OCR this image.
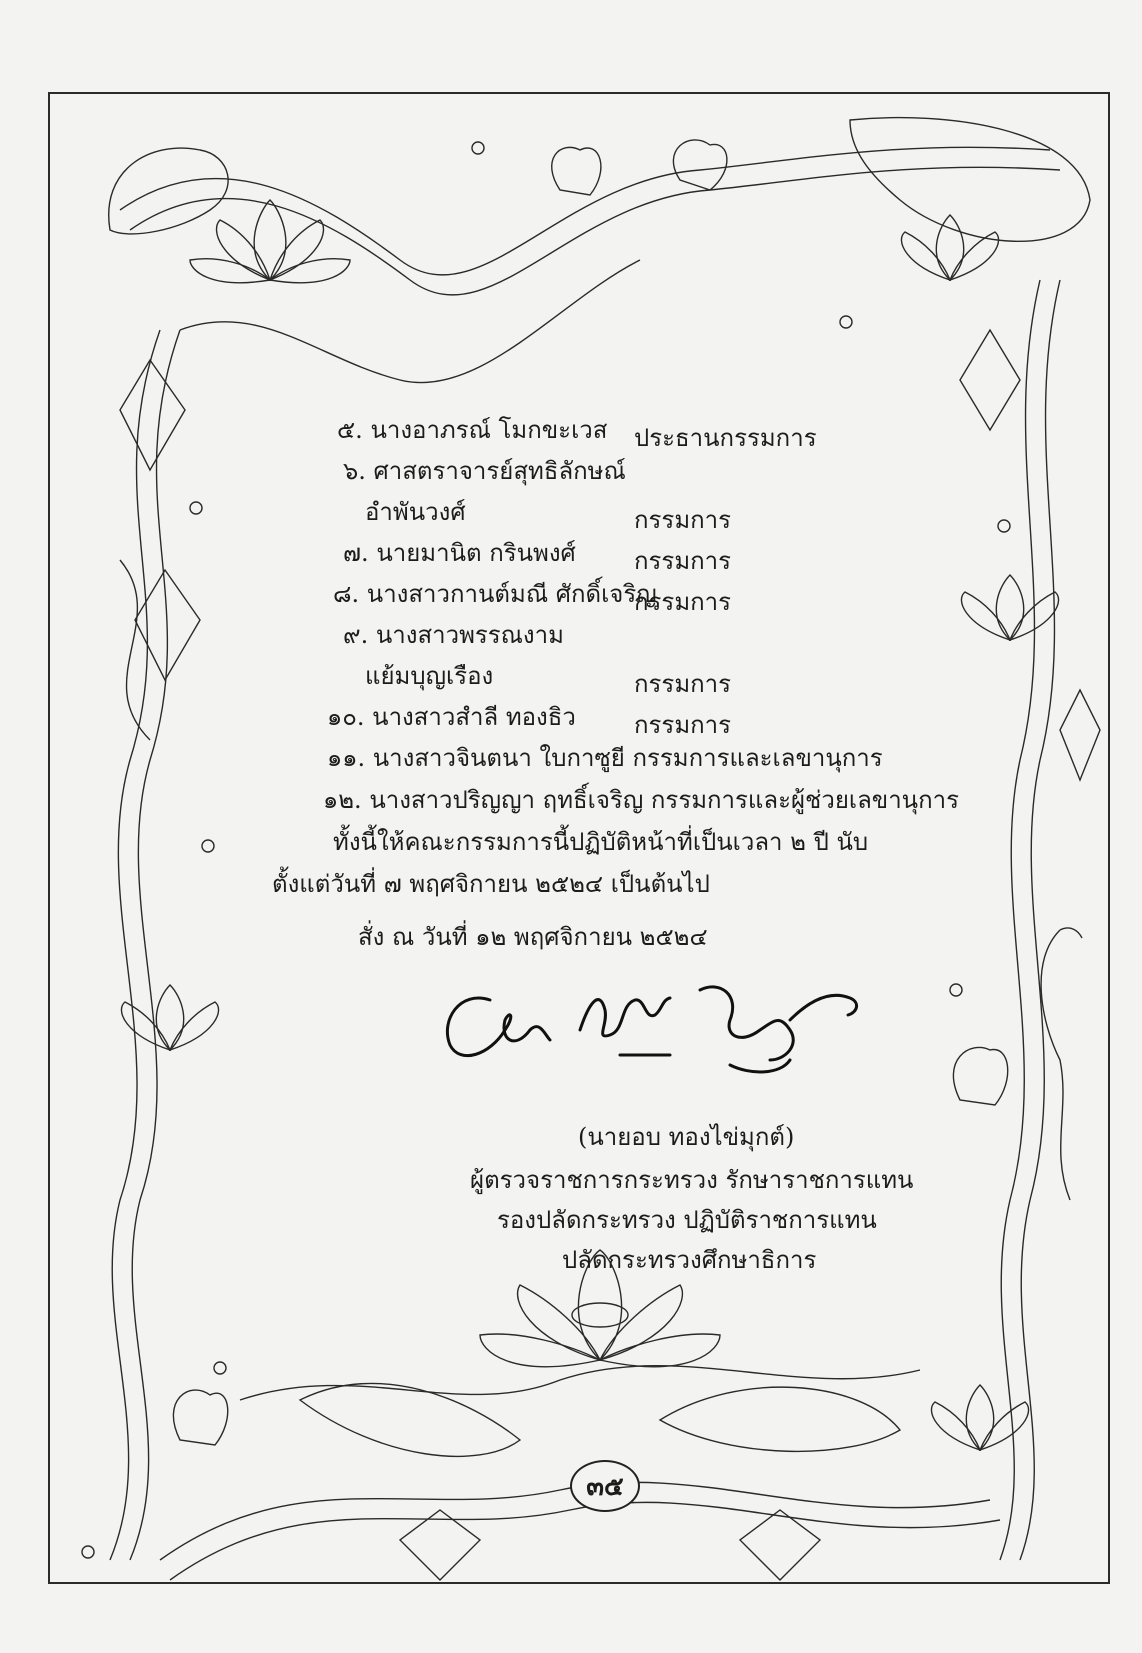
๕. นางอาภรณ์ โมกขะเวส ประธานกรรมการ
๖. ศาสตราจารย์สุทธิลักษณ์
อำพันวงศ์	กรรมการ
๗. นายมานิต กรินพงศ์ กรรมการ
๘. นางสาวกานต์มณี ศักดิ์เจริญ
กรรมการ
๙. นางสาวพรรณงาม
แย้มบุญเรือง	กรรมการ
๑๐. นางสาวสำลี ทองธิว กรรมการ
๑๑. นางสาวจินตนา ใบกาซูยี กรรมการและเลขานุการ
๑๒. นางสาวปริญญา ฤทธิ์เจริญ กรรมการและผู้ช่วยเลขานุการ
ทั้งนี้ให้คณะกรรมการนี้ปฏิบัติหน้าที่เป็นเวลา ๒ ปี นับ
ตั้งแต่วันที่ ๗ พฤศจิกายน ๒๕๒๔ เป็นต้นไป
สั่ง ณ วันที่ ๑๒ พฤศจิกายน ๒๕๒๔
(นายอบ ทองไข่มุกต์)
ผู้ตรวจราชการกระทรวง รักษาราชการแทน
รองปลัดกระทรวง ปฏิบัติราชการแทน
ปลัดกระทรวงศึกษาธิการ
๓๕
